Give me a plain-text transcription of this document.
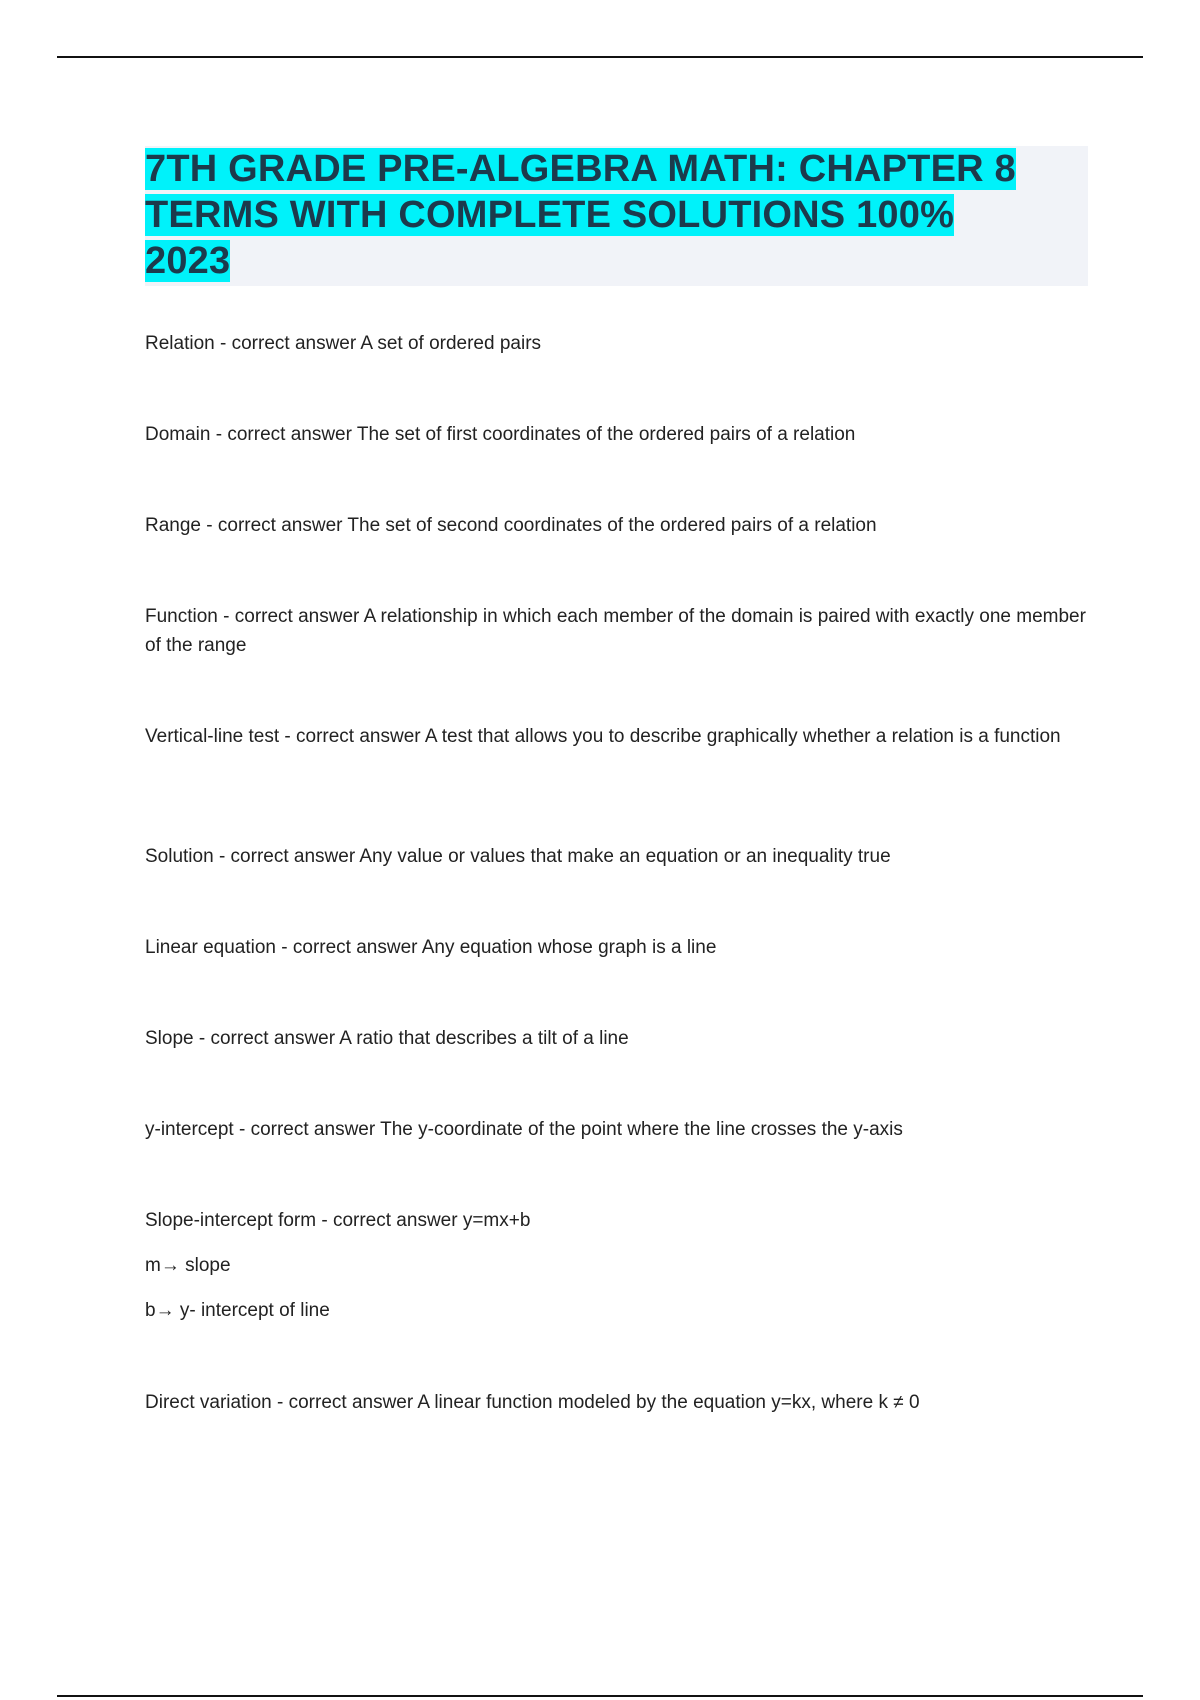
7TH GRADE PRE-ALGEBRA MATH: CHAPTER 8
TERMS WITH COMPLETE SOLUTIONS 100%
2023
Relation - correct answer A set of ordered pairs
Domain - correct answer The set of first coordinates of the ordered pairs of a relation
Range - correct answer The set of second coordinates of the ordered pairs of a relation
Function - correct answer A relationship in which each member of the domain is paired with exactly one member of the range
Vertical-line test - correct answer A test that allows you to describe graphically whether a relation is a function
Solution - correct answer Any value or values that make an equation or an inequality true
Linear equation - correct answer Any equation whose graph is a line
Slope - correct answer A ratio that describes a tilt of a line
y-intercept - correct answer The y-coordinate of the point where the line crosses the y-axis
Slope-intercept form - correct answer y=mx+b
m→ slope
b→ y- intercept of line
Direct variation - correct answer A linear function modeled by the equation y=kx, where k ≠ 0
